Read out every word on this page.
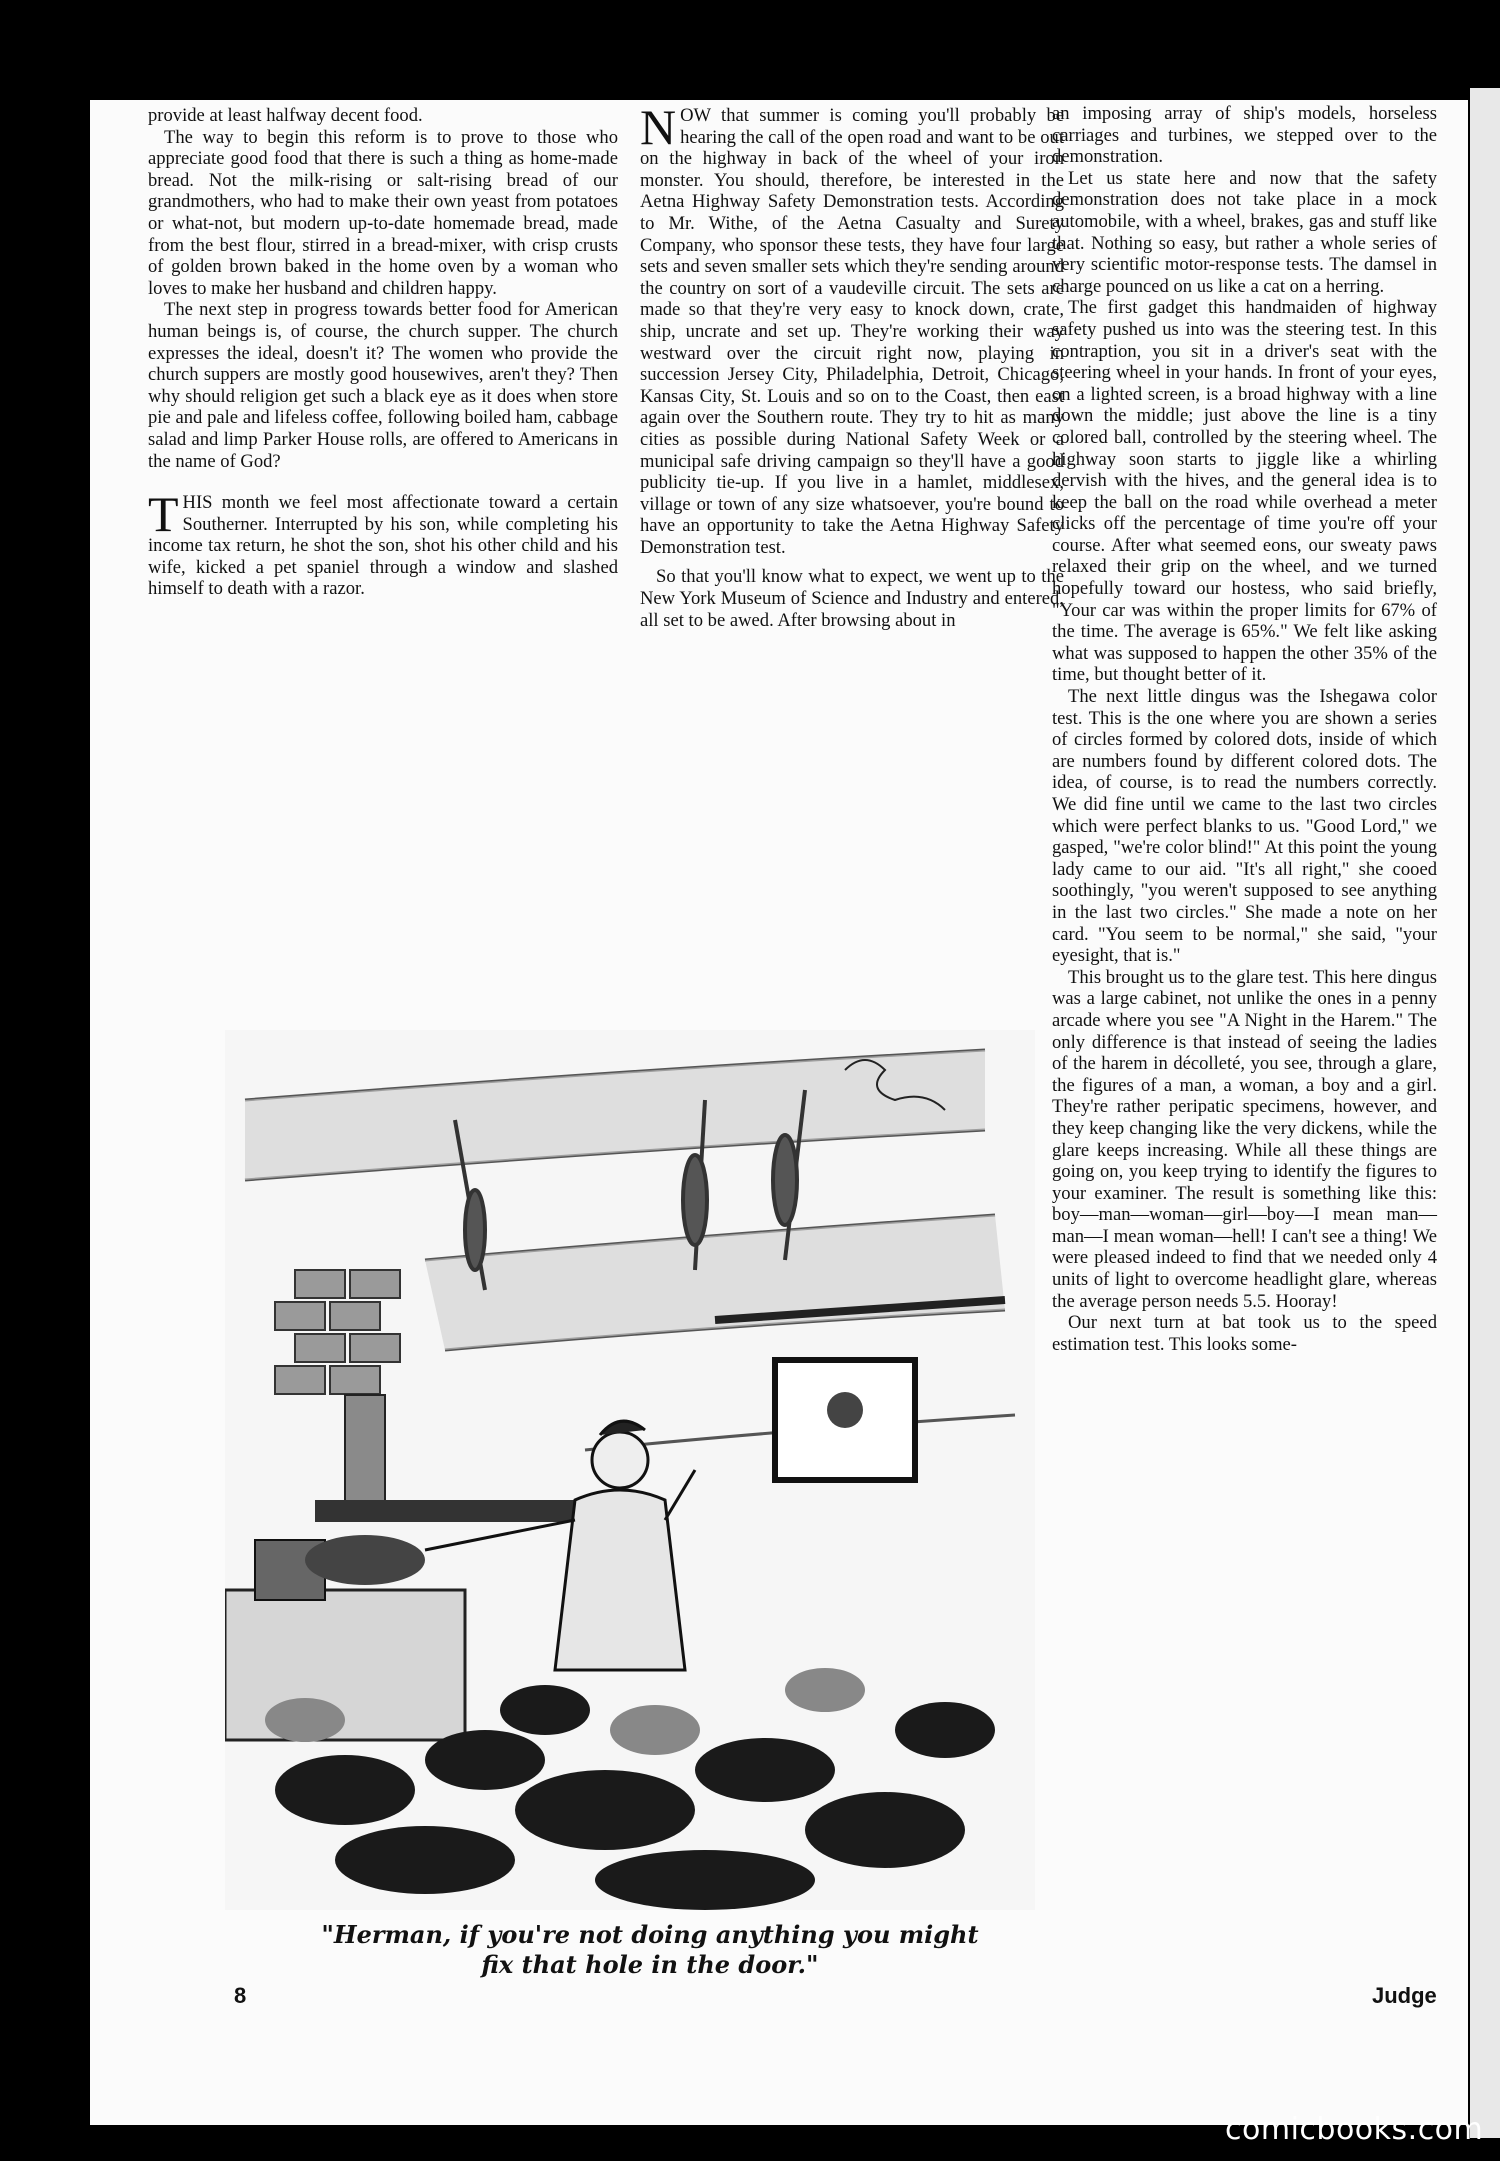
provide at least halfway decent food.

The way to begin this reform is to prove to those who appreciate good food that there is such a thing as home-made bread. Not the milk-rising or salt-rising bread of our grandmothers, who had to make their own yeast from potatoes or what-not, but modern up-to-date homemade bread, made from the best flour, stirred in a bread-mixer, with crisp crusts of golden brown baked in the home oven by a woman who loves to make her husband and children happy.

The next step in progress towards better food for American human beings is, of course, the church supper. The church expresses the ideal, doesn't it? The women who provide the church suppers are mostly good housewives, aren't they? Then why should religion get such a black eye as it does when store pie and pale and lifeless coffee, following boiled ham, cabbage salad and limp Parker House rolls, are offered to Americans in the name of God?

THIS month we feel most affectionate toward a certain Southerner. Interrupted by his son, while completing his income tax return, he shot the son, shot his other child and his wife, kicked a pet spaniel through a window and slashed himself to death with a razor.

NOW that summer is coming you'll probably be hearing the call of the open road and want to be out on the highway in back of the wheel of your iron monster. You should, therefore, be interested in the Aetna Highway Safety Demonstration tests. According to Mr. Withe, of the Aetna Casualty and Surety Company, who sponsor these tests, they have four large sets and seven smaller sets which they're sending around the country on sort of a vaudeville circuit. The sets are made so that they're very easy to knock down, crate, ship, uncrate and set up. They're working their way westward over the circuit right now, playing in succession Jersey City, Philadelphia, Detroit, Chicago, Kansas City, St. Louis and so on to the Coast, then east again over the Southern route. They try to hit as many cities as possible during National Safety Week or a municipal safe driving campaign so they'll have a good publicity tie-up. If you live in a hamlet, middlesex, village or town of any size whatsoever, you're bound to have an opportunity to take the Aetna Highway Safety Demonstration test.

So that you'll know what to expect, we went up to the New York Museum of Science and Industry and entered, all set to be awed. After browsing about in

an imposing array of ship's models, horseless carriages and turbines, we stepped over to the demonstration.

Let us state here and now that the safety demonstration does not take place in a mock automobile, with a wheel, brakes, gas and stuff like that. Nothing so easy, but rather a whole series of very scientific motor-response tests. The damsel in charge pounced on us like a cat on a herring.

The first gadget this handmaiden of highway safety pushed us into was the steering test. In this contraption, you sit in a driver's seat with the steering wheel in your hands. In front of your eyes, on a lighted screen, is a broad highway with a line down the middle; just above the line is a tiny colored ball, controlled by the steering wheel. The highway soon starts to jiggle like a whirling dervish with the hives, and the general idea is to keep the ball on the road while overhead a meter clicks off the percentage of time you're off your course. After what seemed eons, our sweaty paws relaxed their grip on the wheel, and we turned hopefully toward our hostess, who said briefly, "Your car was within the proper limits for 67% of the time. The average is 65%." We felt like asking what was supposed to happen the other 35% of the time, but thought better of it.

The next little dingus was the Ishegawa color test. This is the one where you are shown a series of circles formed by colored dots, inside of which are numbers found by different colored dots. The idea, of course, is to read the numbers correctly. We did fine until we came to the last two circles which were perfect blanks to us. "Good Lord," we gasped, "we're color blind!" At this point the young lady came to our aid. "It's all right," she cooed soothingly, "you weren't supposed to see anything in the last two circles." She made a note on her card. "You seem to be normal," she said, "your eyesight, that is."

This brought us to the glare test. This here dingus was a large cabinet, not unlike the ones in a penny arcade where you see "A Night in the Harem." The only difference is that instead of seeing the ladies of the harem in décolleté, you see, through a glare, the figures of a man, a woman, a boy and a girl. They're rather peripatic specimens, however, and they keep changing like the very dickens, while the glare keeps increasing. While all these things are going on, you keep trying to identify the figures to your examiner. The result is something like this: boy—man—woman—girl—boy—I mean man—man—I mean woman—hell! I can't see a thing! We were pleased indeed to find that we needed only 4 units of light to overcome headlight glare, whereas the average person needs 5.5. Hooray!

Our next turn at bat took us to the speed estimation test. This looks some-

"Herman, if you're not doing anything you might
fix that hole in the door."
8	Judge
comicbooks.com
